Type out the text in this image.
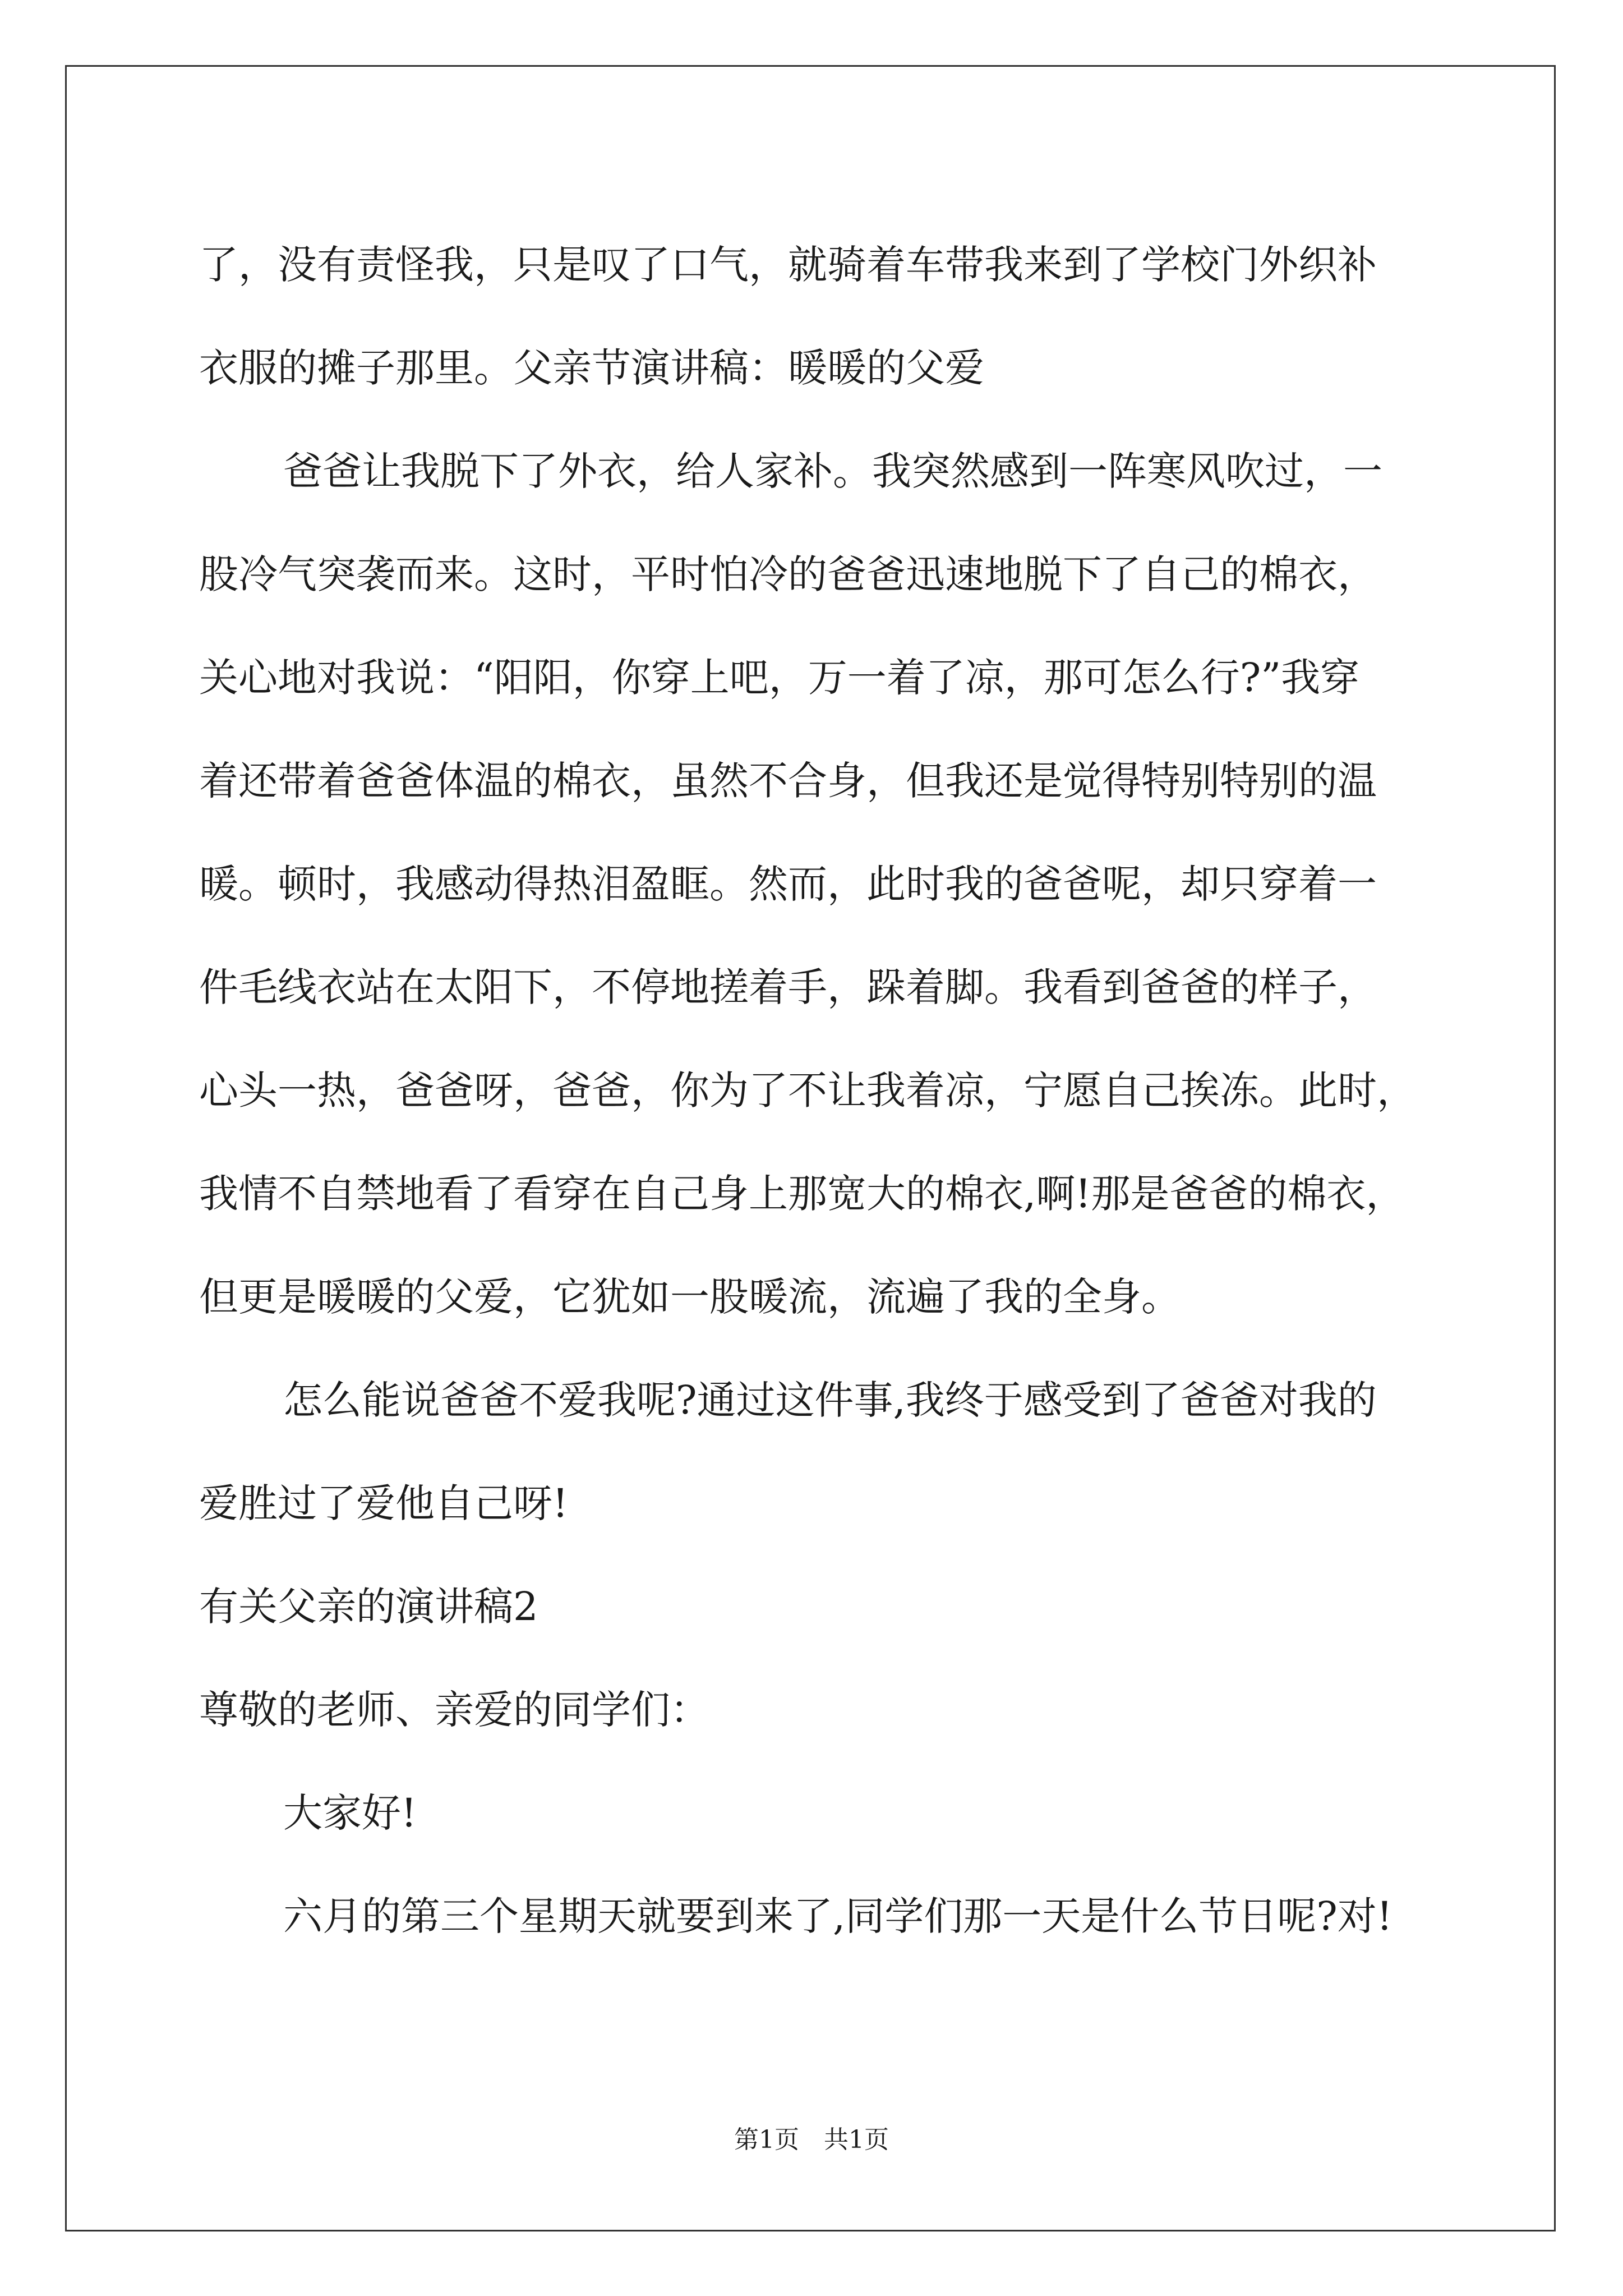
了，没有责怪我，只是叹了口气，就骑着车带我来到了学校门外织补
衣服的摊子那里。父亲节演讲稿：暖暖的父爱
爸爸让我脱下了外衣，给人家补。我突然感到一阵寒风吹过，一
股冷气突袭而来。这时，平时怕冷的爸爸迅速地脱下了自己的棉衣，
关心地对我说：“阳阳，你穿上吧，万一着了凉，那可怎么行?”我穿
着还带着爸爸体温的棉衣，虽然不合身，但我还是觉得特别特别的温
暖。顿时，我感动得热泪盈眶。然而，此时我的爸爸呢，却只穿着一
件毛线衣站在太阳下，不停地搓着手，跺着脚。我看到爸爸的样子，
心头一热，爸爸呀，爸爸，你为了不让我着凉，宁愿自己挨冻。此时，
我情不自禁地看了看穿在自己身上那宽大的棉衣,啊!那是爸爸的棉衣，
但更是暖暖的父爱，它犹如一股暖流，流遍了我的全身。
怎么能说爸爸不爱我呢?通过这件事,我终于感受到了爸爸对我的
爱胜过了爱他自己呀!
有关父亲的演讲稿2
尊敬的老师、亲爱的同学们：
大家好!
六月的第三个星期天就要到来了,同学们那一天是什么节日呢?对!
第1页　共1页
